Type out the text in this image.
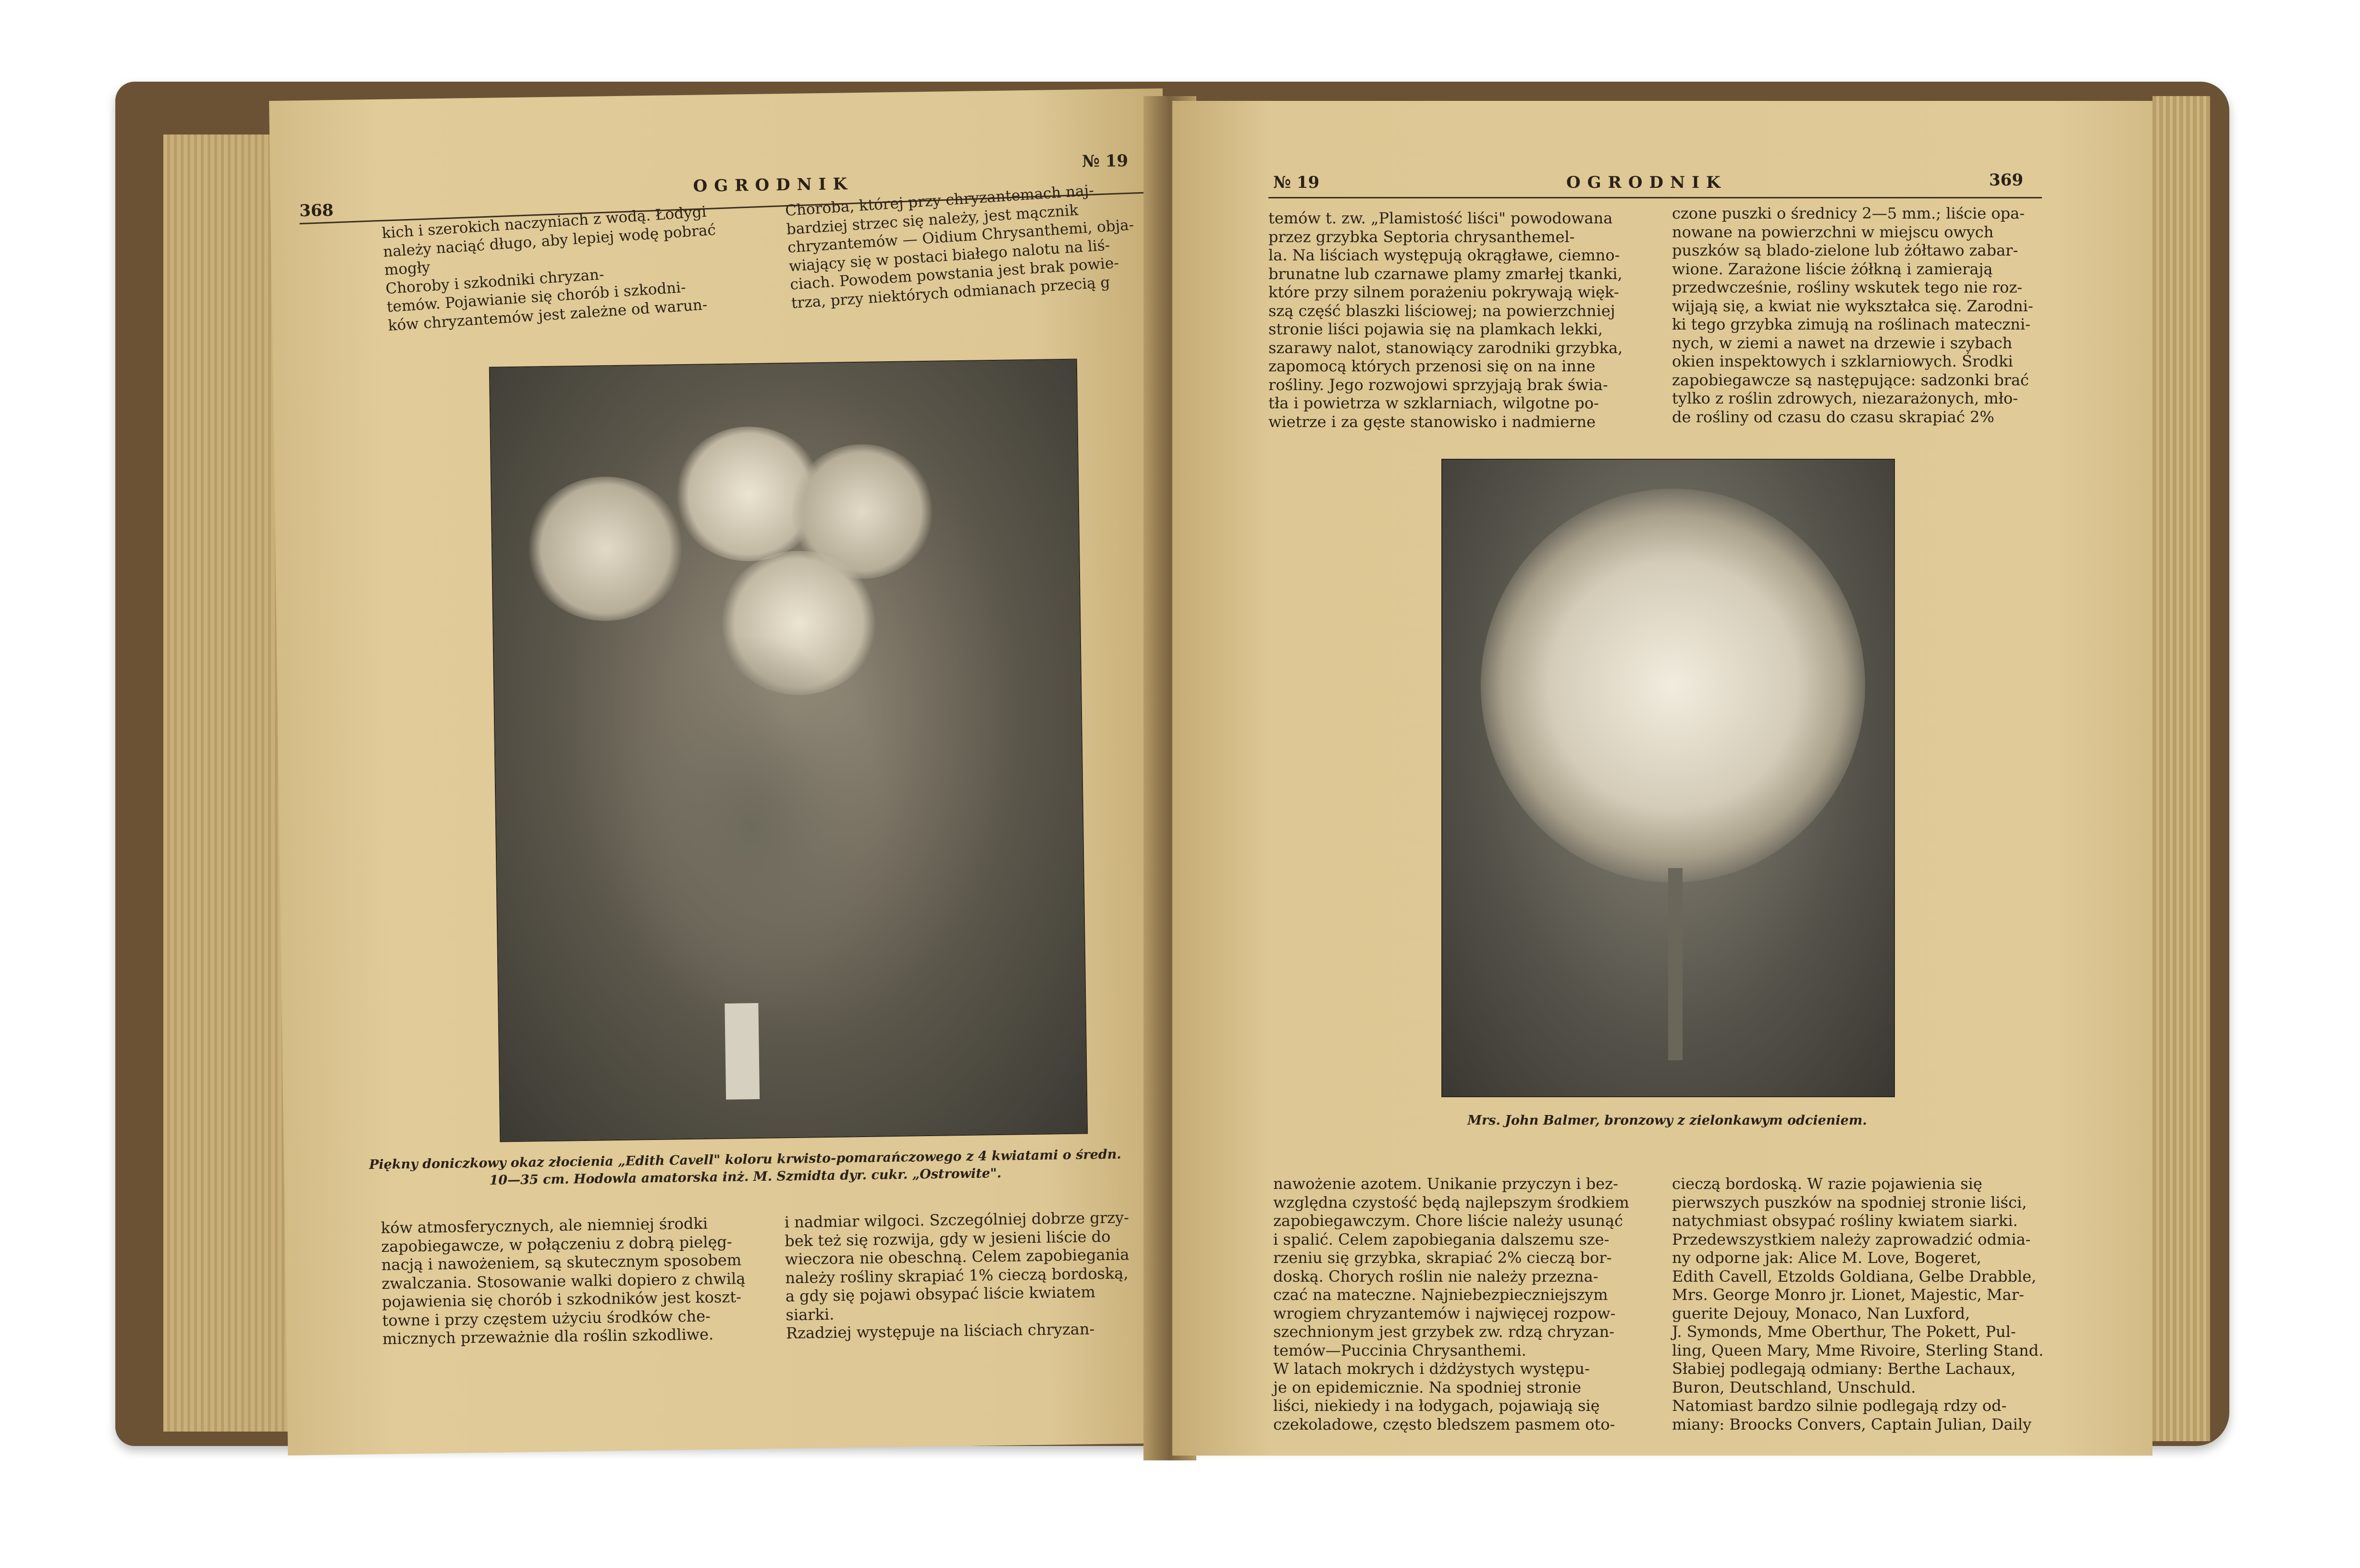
368
OGRODNIK
№ 19
kich i szerokich naczyniach z wodą. Łodygi
należy naciąć długo, aby lepiej wodę pobrać
mogły
Choroby i szkodniki chryzan-
temów. Pojawianie się chorób i szkodni-
ków chryzantemów jest zależne od warun-
Choroba, której przy chryzantemach naj-
bardziej strzec się należy, jest mącznik
chryzantemów — Oidium Chrysanthemi, obja-
wiający się w postaci białego nalotu na liś-
ciach. Powodem powstania jest brak powie-
trza, przy niektórych odmianach przecią g
Piękny doniczkowy okaz złocienia „Edith Cavell" koloru krwisto-pomarańczowego z 4 kwiatami o średn.
10—35 cm. Hodowla amatorska inż. M. Szmidta dyr. cukr. „Ostrowite".
ków atmosferycznych, ale niemniej środki
zapobiegawcze, w połączeniu z dobrą pielęg-
nacją i nawożeniem, są skutecznym sposobem
zwalczania. Stosowanie walki dopiero z chwilą
pojawienia się chorób i szkodników jest koszt-
towne i przy częstem użyciu środków che-
micznych przeważnie dla roślin szkodliwe.
i nadmiar wilgoci. Szczególniej dobrze grzy-
bek też się rozwija, gdy w jesieni liście do
wieczora nie obeschną. Celem zapobiegania
należy rośliny skrapiać 1% cieczą bordoską,
a gdy się pojawi obsypać liście kwiatem
siarki.
Rzadziej występuje na liściach chryzan-
№ 19	OGRODNIK	369
temów t. zw. „Plamistość liści" powodowana
przez grzybka Septoria chrysanthemel-
la. Na liściach występują okrągławe, ciemno-
brunatne lub czarnawe plamy zmarłej tkanki,
które przy silnem porażeniu pokrywają więk-
szą część blaszki liściowej; na powierzchniej
stronie liści pojawia się na plamkach lekki,
szarawy nalot, stanowiący zarodniki grzybka,
zapomocą których przenosi się on na inne
rośliny. Jego rozwojowi sprzyjają brak świa-
tła i powietrza w szklarniach, wilgotne po-
wietrze i za gęste stanowisko i nadmierne
czone puszki o średnicy 2—5 mm.; liście opa-
nowane na powierzchni w miejscu owych
puszków są blado-zielone lub żółtawo zabar-
wione. Zarażone liście żółkną i zamierają
przedwcześnie, rośliny wskutek tego nie roz-
wijają się, a kwiat nie wykształca się. Zarodni-
ki tego grzybka zimują na roślinach mateczni-
nych, w ziemi a nawet na drzewie i szybach
okien inspektowych i szklarniowych. Środki
zapobiegawcze są następujące: sadzonki brać
tylko z roślin zdrowych, niezarażonych, mło-
de rośliny od czasu do czasu skrapiać 2%
Mrs. John Balmer, bronzowy z zielonkawym odcieniem.
nawożenie azotem. Unikanie przyczyn i bez-
względna czystość będą najlepszym środkiem
zapobiegawczym. Chore liście należy usunąć
i spalić. Celem zapobiegania dalszemu sze-
rzeniu się grzybka, skrapiać 2% cieczą bor-
doską. Chorych roślin nie należy przezna-
czać na mateczne. Najniebezpieczniejszym
wrogiem chryzantemów i najwięcej rozpow-
szechnionym jest grzybek zw. rdzą chryzan-
temów—Puccinia Chrysanthemi.
W latach mokrych i dżdżystych występu-
je on epidemicznie. Na spodniej stronie
liści, niekiedy i na łodygach, pojawiają się
czekoladowe, często bledszem pasmem oto-
cieczą bordoską. W razie pojawienia się
pierwszych puszków na spodniej stronie liści,
natychmiast obsypać rośliny kwiatem siarki.
Przedewszystkiem należy zaprowadzić odmia-
ny odporne jak: Alice M. Love, Bogeret,
Edith Cavell, Etzolds Goldiana, Gelbe Drabble,
Mrs. George Monro jr. Lionet, Majestic, Mar-
guerite Dejouy, Monaco, Nan Luxford,
J. Symonds, Mme Oberthur, The Pokett, Pul-
ling, Queen Mary, Mme Rivoire, Sterling Stand.
Słabiej podlegają odmiany: Berthe Lachaux,
Buron, Deutschland, Unschuld.
Natomiast bardzo silnie podlegają rdzy od-
miany: Broocks Convers, Captain Julian, Daily
